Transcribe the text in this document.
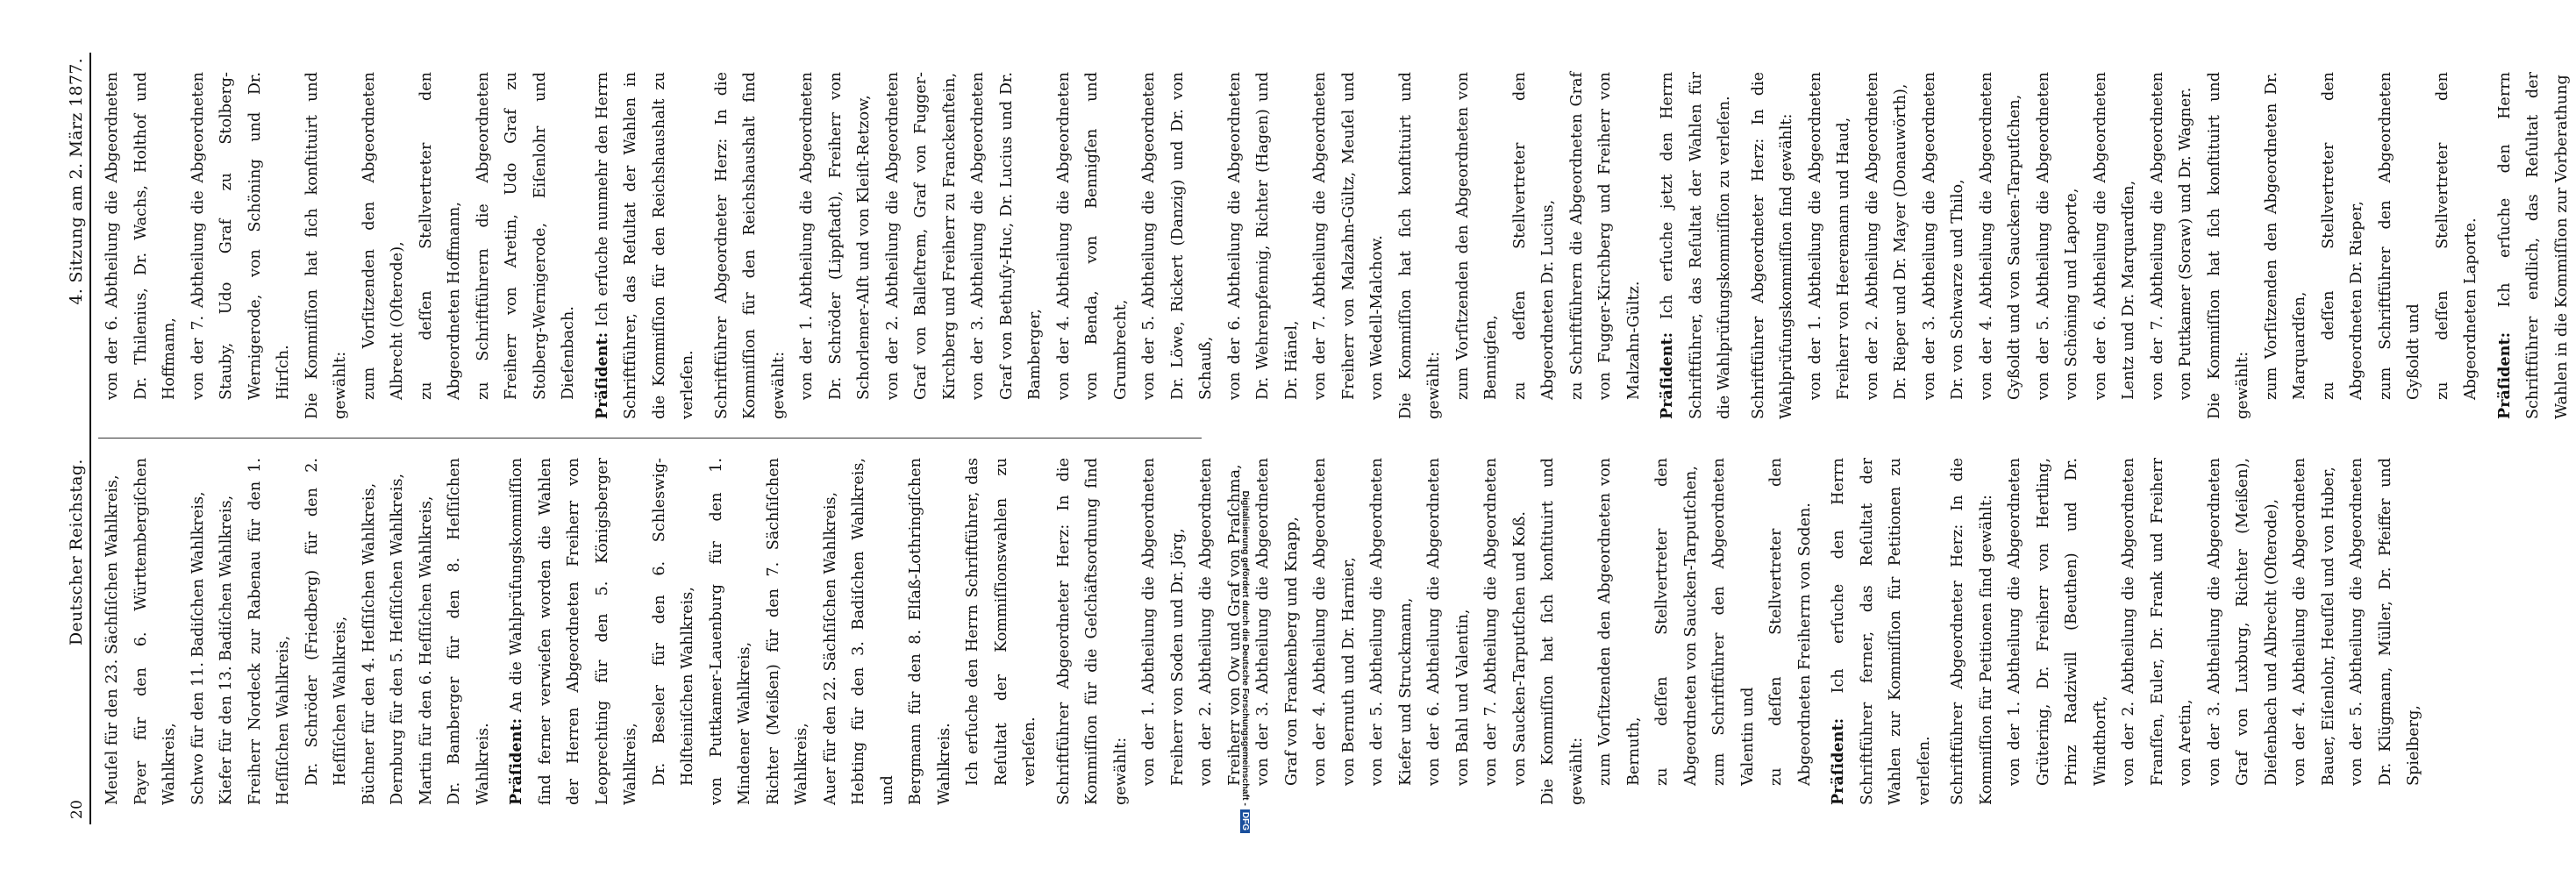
20
Deutscher Reichstag.
4. Sitzung am 2. März 1877.

Meuſel für den 23. Sächſiſchen Wahlkreis, Payer für den 6. Württembergiſchen Wahlkreis, Schwo für den 11. Badiſchen Wahlkreis, Kiefer für den 13. Badiſchen Wahlkreis, Freiherr Nordeck zur Rabenau für den 1. Heſſiſchen Wahlkreis, Dr. Schröder (Friedberg) für den 2. Heſſiſchen Wahlkreis, Büchner für den 4. Heſſiſchen Wahlkreis, Dernburg für den 5. Heſſiſchen Wahlkreis, Martin für den 6. Heſſiſchen Wahlkreis, Dr. Bamberger für den 8. Heſſiſchen Wahlkreis. Präſident: An die Wahlprüfungskommiſſion ſind ferner verwieſen worden die Wahlen der Herren Abgeordneten Freiherr von Leoprechting für den 5. Königsberger Wahlkreis, Dr. Beseler für den 6. Schleswig-Holſteiniſchen Wahlkreis, von Puttkamer-Lauenburg für den 1. Mindener Wahlkreis, Richter (Meißen) für den 7. Sächſiſchen Wahlkreis, Auer für den 22. Sächſiſchen Wahlkreis, Hebting für den 3. Badiſchen Wahlkreis, und Bergmann für den 8. Elſaß-Lothringiſchen Wahlkreis. Ich erſuche den Herrn Schriftführer, das Reſultat der Kommiſſionswahlen zu verleſen.	Schriftführer Abgeordneter Herz: In die Kommiſſion für die Geſchäftsordnung ſind gewählt: von der 1. Abtheilung die Abgeordneten Freiherr von Soden und Dr. Jörg, von der 2. Abtheilung die Abgeordneten Freiherr von Ow und Graf von Praſchma, von der 3. Abtheilung die Abgeordneten Graf von Frankenberg und Knapp, von der 4. Abtheilung die Abgeordneten von Bernuth und Dr. Harnier, von der 5. Abtheilung die Abgeordneten Kiefer und Struckmann, von der 6. Abtheilung die Abgeordneten von Bahl und Valentin, von der 7. Abtheilung die Abgeordneten von Saucken-Tarputſchen und Koß. Die Kommiſſion hat ſich konſtituirt und gewählt: zum Vorſitzenden den Abgeordneten von Bernuth, zu deſſen Stellvertreter den Abgeordneten von Saucken-Tarputſchen, zum Schriftführer den Abgeordneten Valentin und zu deſſen Stellvertreter den Abgeordneten Freiherrn von Soden. Präſident: Ich erſuche den Herrn Schriftführer ferner, das Reſultat der Wahlen zur Kommiſſion für Petitionen zu verleſen.	Schriftführer Abgeordneter Herz: In die Kommiſſion für Petitionen ſind gewählt: von der 1. Abtheilung die Abgeordneten Grütering, Dr. Freiherr von Hertling, Prinz Radziwill (Beuthen) und Dr. Windthorſt, von der 2. Abtheilung die Abgeordneten Franſſen, Euler, Dr. Frank und Freiherr von Aretin, von der 3. Abtheilung die Abgeordneten Graf von Luxburg, Richter (Meißen), Dieſenbach und Albrecht (Oſterode), von der 4. Abtheilung die Abgeordneten Bauer, Eiſenlohr, Heuſſel und von Huber, von der 5. Abtheilung die Abgeordneten Dr. Klügmann, Müller, Dr. Pfeiffer und Spielberg,

von der 6. Abtheilung die Abgeordneten Dr. Thilenius, Dr. Wachs, Holthof und Hoffmann, von der 7. Abtheilung die Abgeordneten Stauby, Udo Graf zu Stolberg-Wernigerode, von Schöning und Dr. Hirſch. Die Kommiſſion hat ſich konſtituirt und gewählt: zum Vorſitzenden den Abgeordneten Albrecht (Oſterode), zu deſſen Stellvertreter den Abgeordneten Hoffmann, zu Schriftführern die Abgeordneten Freiherr von Aretin, Udo Graf zu Stolberg-Wernigerode, Eiſenlohr und Dieſenbach. Präſident: Ich erſuche nunmehr den Herrn Schriftführer, das Reſultat der Wahlen in die Kommiſſion für den Reichshaushalt zu verleſen.	Schriftführer Abgeordneter Herz: In die Kommiſſion für den Reichshaushalt ſind gewählt: von der 1. Abtheilung die Abgeordneten Dr. Schröder (Lippſtadt), Freiherr von Schorlemer-Alſt und von Kleiſt-Retzow, von der 2. Abtheilung die Abgeordneten Graf von Balleſtrem, Graf von Fugger-Kirchberg und Freiherr zu Franckenſtein, von der 3. Abtheilung die Abgeordneten Graf von Bethuſy-Huc, Dr. Lucius und Dr. Bamberger, von der 4. Abtheilung die Abgeordneten von Benda, von Bennigſen und Grumbrecht, von der 5. Abtheilung die Abgeordneten Dr. Löwe, Rickert (Danzig) und Dr. von Schauß, von der 6. Abtheilung die Abgeordneten Dr. Wehrenpfennig, Richter (Hagen) und Dr. Hänel, von der 7. Abtheilung die Abgeordneten Freiherr von Malzahn-Gültz, Meuſel und von Wedell-Malchow. Die Kommiſſion hat ſich konſtituirt und gewählt: zum Vorſitzenden den Abgeordneten von Bennigſen, zu deſſen Stellvertreter den Abgeordneten Dr. Lucius, zu Schriftführern die Abgeordneten Graf von Fugger-Kirchberg und Freiherr von Malzahn-Gültz. Präſident: Ich erſuche jetzt den Herrn Schriftführer, das Reſultat der Wahlen für die Wahlprüfungskommiſſion zu verleſen.	Schriftführer Abgeordneter Herz: In die Wahlprüfungskommiſſion ſind gewählt: von der 1. Abtheilung die Abgeordneten Freiherr von Heeremann und Haud, von der 2. Abtheilung die Abgeordneten Dr. Rieper und Dr. Mayer (Donauwörth), von der 3. Abtheilung die Abgeordneten Dr. von Schwarze und Thilo, von der 4. Abtheilung die Abgeordneten Gyßoldt und von Saucken-Tarputſchen, von der 5. Abtheilung die Abgeordneten von Schöning und Laporte, von der 6. Abtheilung die Abgeordneten Lentz und Dr. Marquardſen, von der 7. Abtheilung die Abgeordneten von Puttkamer (Soraw) und Dr. Wagner. Die Kommiſſion hat ſich konſtituirt und gewählt: zum Vorſitzenden den Abgeordneten Dr. Marquardſen, zu deſſen Stellvertreter den Abgeordneten Dr. Rieper, zum Schriftführer den Abgeordneten Gyßoldt und zu deſſen Stellvertreter den Abgeordneten Laporte. Präſident: Ich erſuche den Herrn Schriftführer endlich, das Reſultat der Wahlen in die Kommiſſion zur Vorberathung

Digitalisierung gefördert durch die Deutsche Forschungsgemeinschaft -DFG
